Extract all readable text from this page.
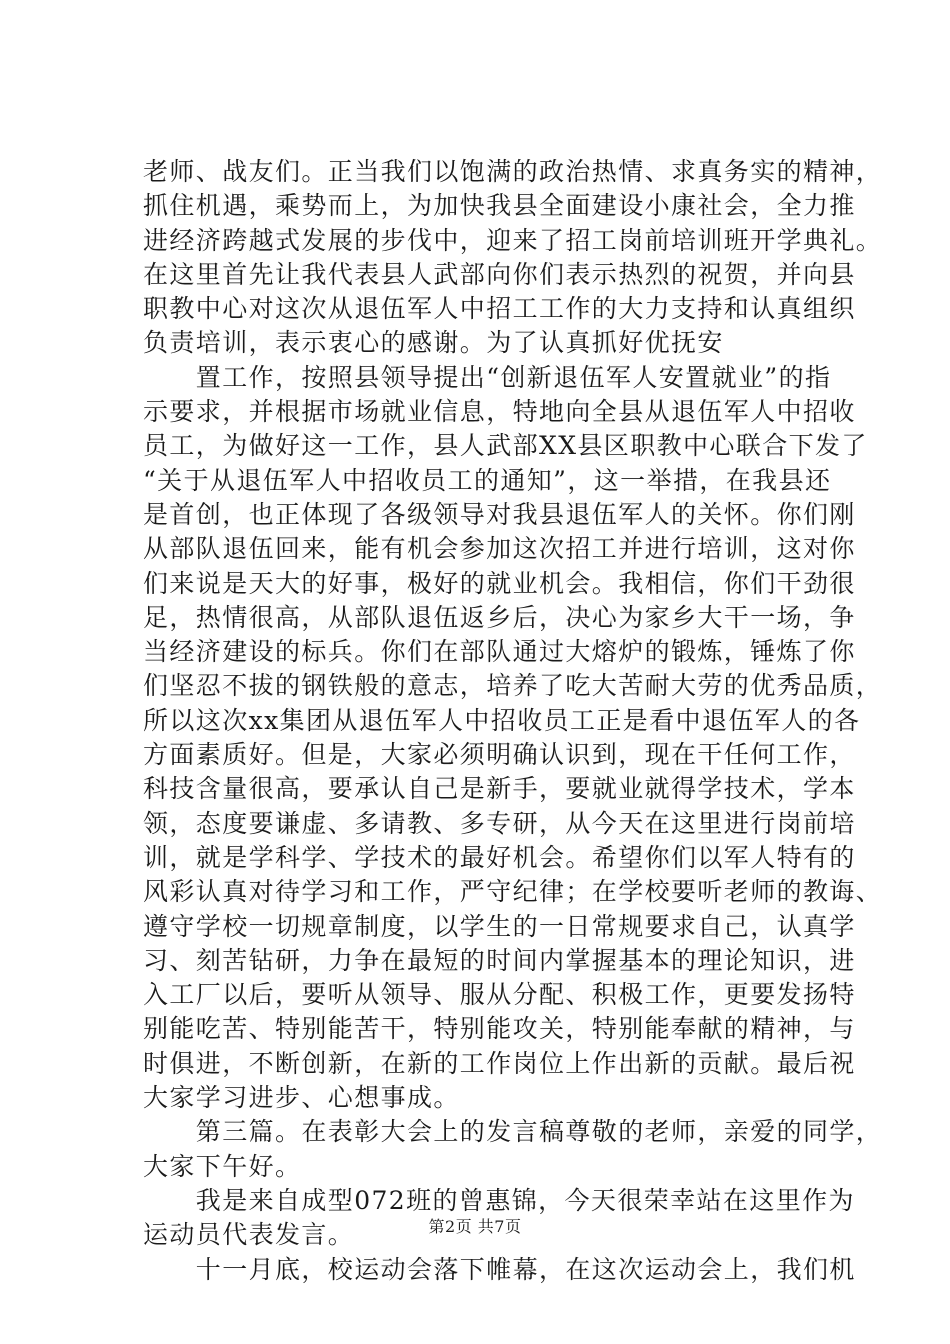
老师、战友们。正当我们以饱满的政治热情、求真务实的精神，
抓住机遇，乘势而上，为加快我县全面建设小康社会，全力推
进经济跨越式发展的步伐中，迎来了招工岗前培训班开学典礼。
在这里首先让我代表县人武部向你们表示热烈的祝贺，并向县
职教中心对这次从退伍军人中招工工作的大力支持和认真组织
负责培训，表示衷心的感谢。为了认真抓好优抚安
　　置工作，按照县领导提出“创新退伍军人安置就业”的指
示要求，并根据市场就业信息，特地向全县从退伍军人中招收
员工，为做好这一工作，县人武部XX县区职教中心联合下发了
“关于从退伍军人中招收员工的通知”，这一举措，在我县还
是首创，也正体现了各级领导对我县退伍军人的关怀。你们刚
从部队退伍回来，能有机会参加这次招工并进行培训，这对你
们来说是天大的好事，极好的就业机会。我相信，你们干劲很
足，热情很高，从部队退伍返乡后，决心为家乡大干一场，争
当经济建设的标兵。你们在部队通过大熔炉的锻炼，锤炼了你
们坚忍不拔的钢铁般的意志，培养了吃大苦耐大劳的优秀品质，
所以这次xx集团从退伍军人中招收员工正是看中退伍军人的各
方面素质好。但是，大家必须明确认识到，现在干任何工作，
科技含量很高，要承认自己是新手，要就业就得学技术，学本
领，态度要谦虚、多请教、多专研，从今天在这里进行岗前培
训，就是学科学、学技术的最好机会。希望你们以军人特有的
风彩认真对待学习和工作，严守纪律；在学校要听老师的教诲、
遵守学校一切规章制度，以学生的一日常规要求自己，认真学
习、刻苦钻研，力争在最短的时间内掌握基本的理论知识，进
入工厂以后，要听从领导、服从分配、积极工作，更要发扬特
别能吃苦、特别能苦干，特别能攻关，特别能奉献的精神，与
时俱进，不断创新，在新的工作岗位上作出新的贡献。最后祝
大家学习进步、心想事成。
　　第三篇。在表彰大会上的发言稿尊敬的老师，亲爱的同学，
大家下午好。
　　我是来自成型072班的曾惠锦，今天很荣幸站在这里作为
运动员代表发言。
　　十一月底，校运动会落下帷幕，在这次运动会上，我们机
第2页 共7页
